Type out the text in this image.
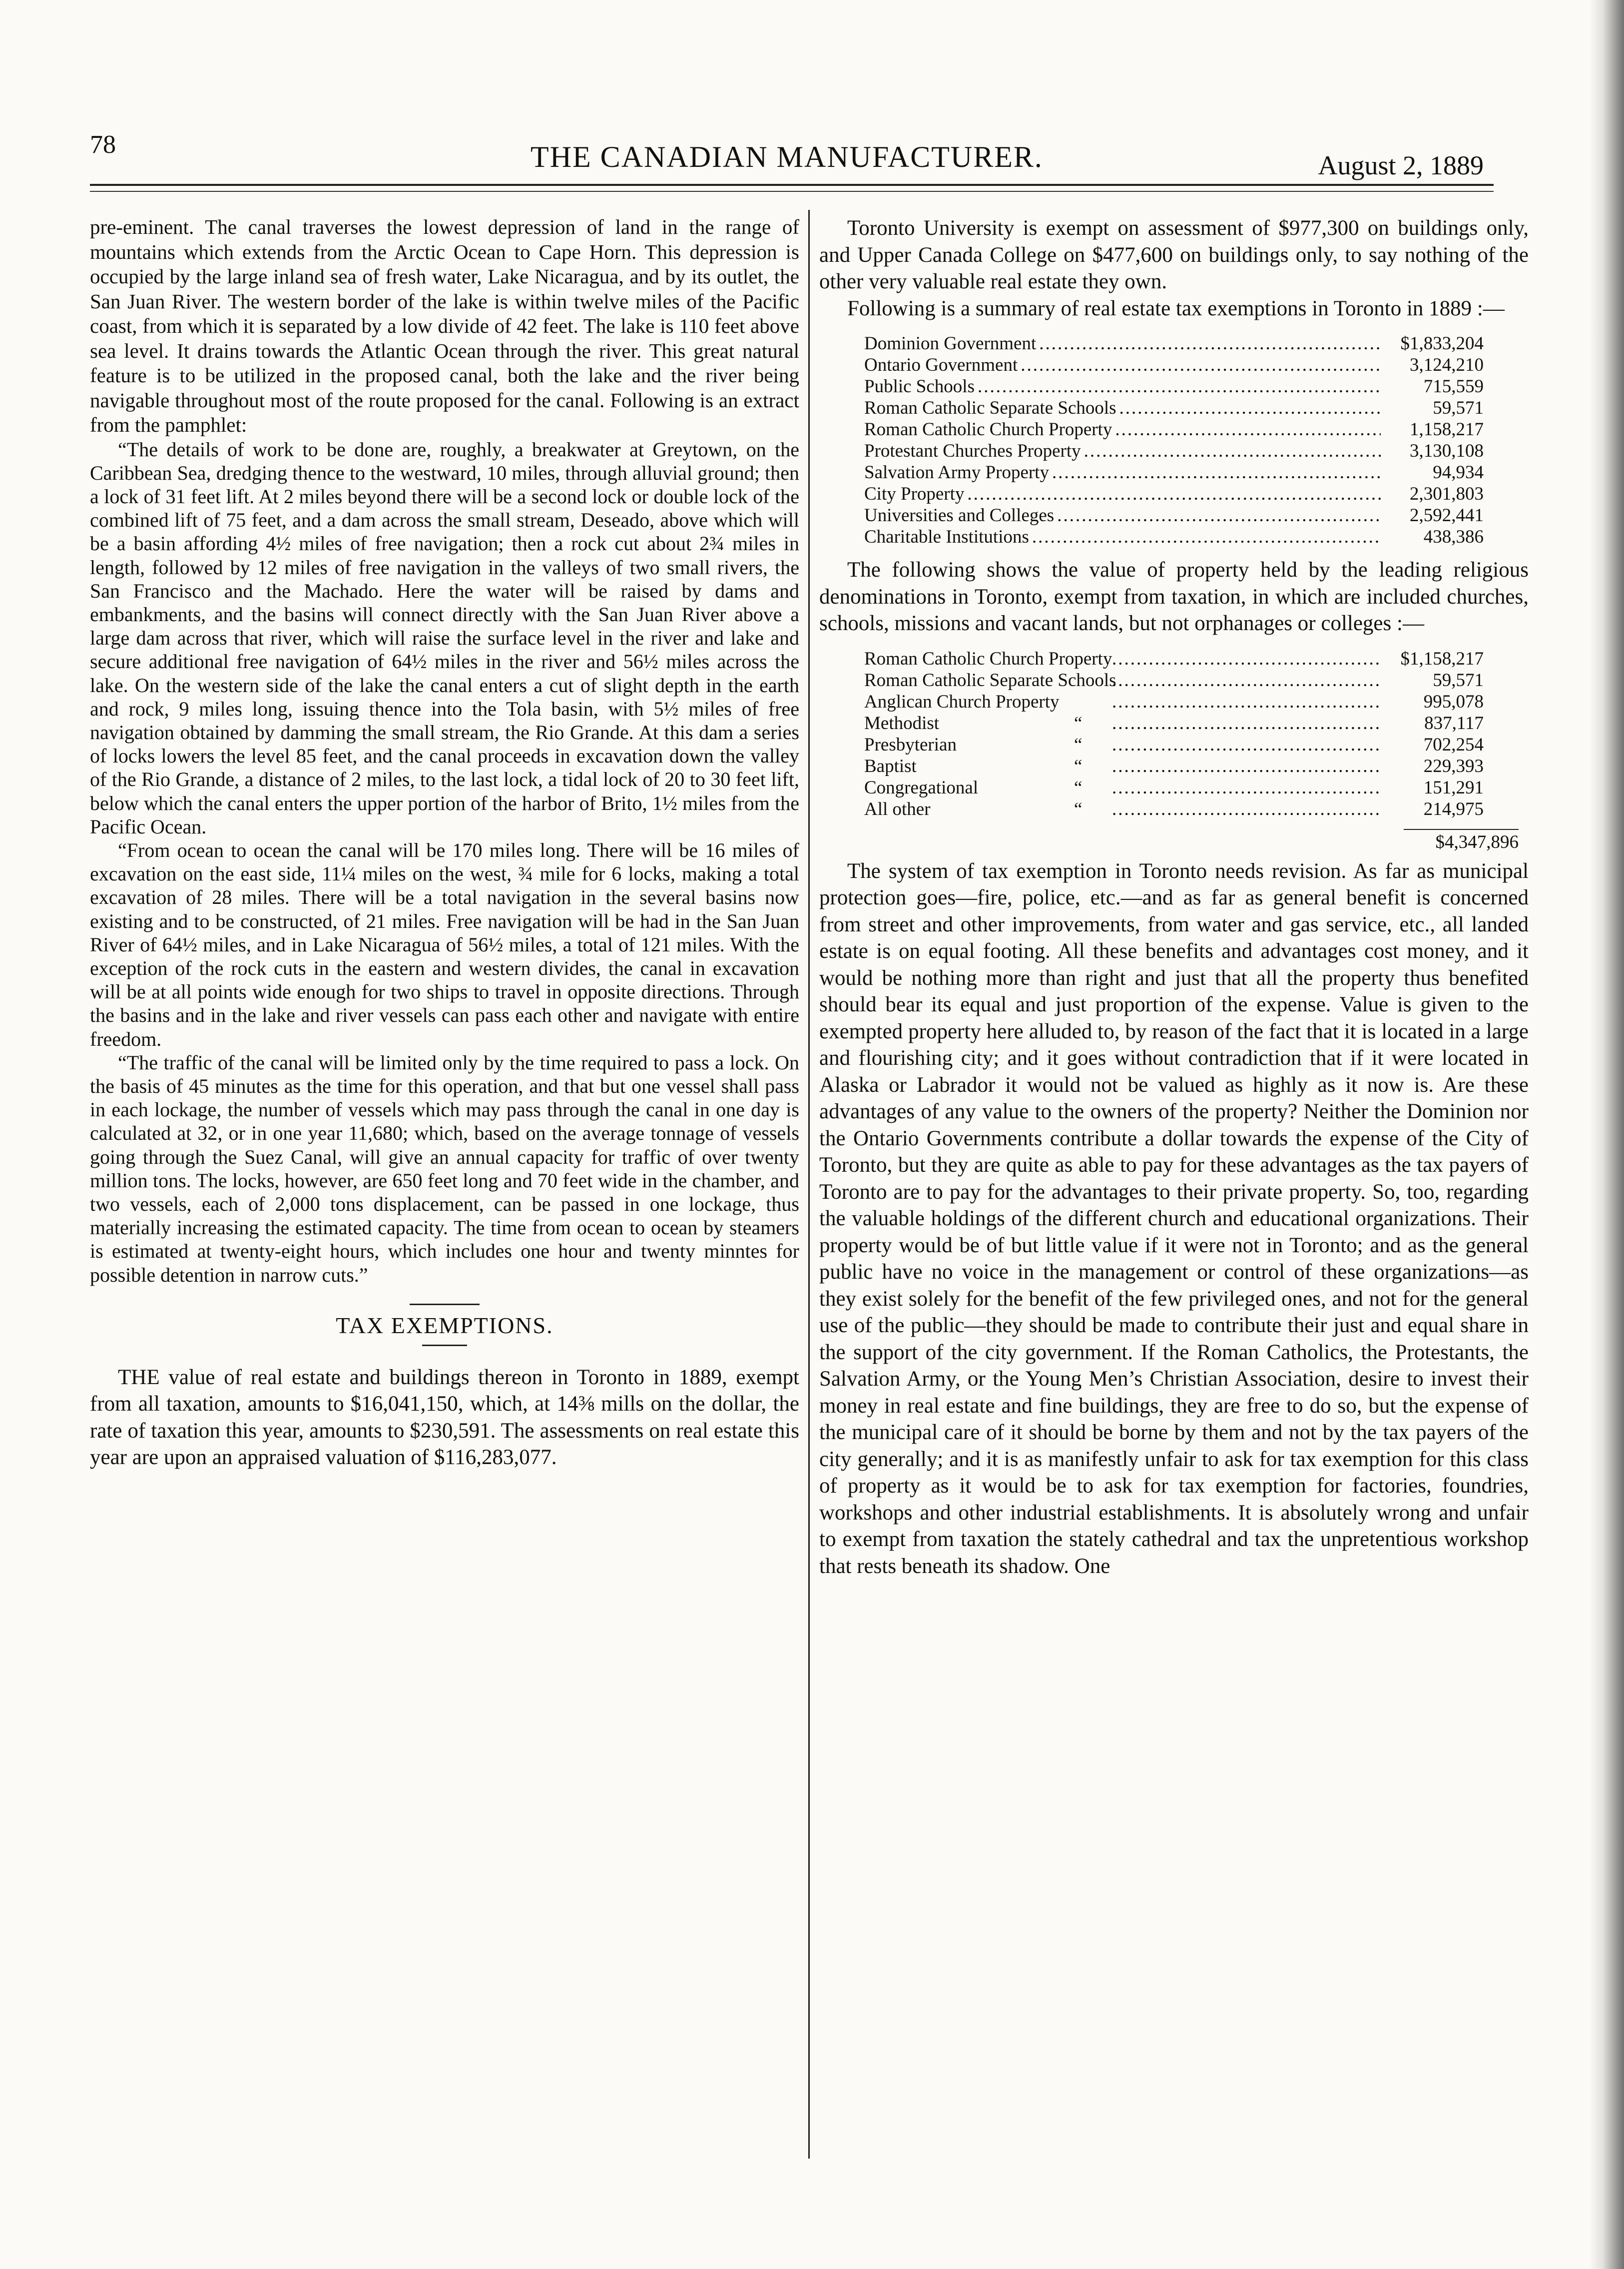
78	THE CANADIAN MANUFACTURER.	August 2, 1889

pre-eminent. The canal traverses the lowest depression of land in the range of mountains which extends from the Arctic Ocean to Cape Horn. This depression is occupied by the large inland sea of fresh water, Lake Nicaragua, and by its outlet, the San Juan River. The western border of the lake is within twelve miles of the Pacific coast, from which it is separated by a low divide of 42 feet. The lake is 110 feet above sea level. It drains towards the Atlantic Ocean through the river. This great natural feature is to be utilized in the proposed canal, both the lake and the river being navigable throughout most of the route proposed for the canal. Following is an extract from the pamphlet:

“The details of work to be done are, roughly, a breakwater at Greytown, on the Caribbean Sea, dredging thence to the westward, 10 miles, through alluvial ground; then a lock of 31 feet lift. At 2 miles beyond there will be a second lock or double lock of the combined lift of 75 feet, and a dam across the small stream, Deseado, above which will be a basin affording 4½ miles of free navigation; then a rock cut about 2¾ miles in length, followed by 12 miles of free navigation in the valleys of two small rivers, the San Francisco and the Machado. Here the water will be raised by dams and embankments, and the basins will connect directly with the San Juan River above a large dam across that river, which will raise the surface level in the river and lake and secure additional free navigation of 64½ miles in the river and 56½ miles across the lake. On the western side of the lake the canal enters a cut of slight depth in the earth and rock, 9 miles long, issuing thence into the Tola basin, with 5½ miles of free navigation obtained by damming the small stream, the Rio Grande. At this dam a series of locks lowers the level 85 feet, and the canal proceeds in excavation down the valley of the Rio Grande, a distance of 2 miles, to the last lock, a tidal lock of 20 to 30 feet lift, below which the canal enters the upper portion of the harbor of Brito, 1½ miles from the Pacific Ocean.

“From ocean to ocean the canal will be 170 miles long. There will be 16 miles of excavation on the east side, 11¼ miles on the west, ¾ mile for 6 locks, making a total excavation of 28 miles. There will be a total navigation in the several basins now existing and to be constructed, of 21 miles. Free navigation will be had in the San Juan River of 64½ miles, and in Lake Nicaragua of 56½ miles, a total of 121 miles. With the exception of the rock cuts in the eastern and western divides, the canal in excavation will be at all points wide enough for two ships to travel in opposite directions. Through the basins and in the lake and river vessels can pass each other and navigate with entire freedom.

“The traffic of the canal will be limited only by the time required to pass a lock. On the basis of 45 minutes as the time for this operation, and that but one vessel shall pass in each lockage, the number of vessels which may pass through the canal in one day is calculated at 32, or in one year 11,680; which, based on the average tonnage of vessels going through the Suez Canal, will give an annual capacity for traffic of over twenty million tons. The locks, however, are 650 feet long and 70 feet wide in the chamber, and two vessels, each of 2,000 tons displacement, can be passed in one lockage, thus materially increasing the estimated capacity. The time from ocean to ocean by steamers is estimated at twenty-eight hours, which includes one hour and twenty minntes for possible detention in narrow cuts.”

TAX EXEMPTIONS.

THE value of real estate and buildings thereon in Toronto in 1889, exempt from all taxation, amounts to $16,041,150, which, at 14⅜ mills on the dollar, the rate of taxation this year, amounts to $230,591. The assessments on real estate this year are upon an appraised valuation of $116,283,077.

Toronto University is exempt on assessment of $977,300 on buildings only, and Upper Canada College on $477,600 on buildings only, to say nothing of the other very valuable real estate they own.

Following is a summary of real estate tax exemptions in Toronto in 1889 :—

Dominion Government .....	$1,833,204
Ontario Government .....	3,124,210
Public Schools .....	715,559
Roman Catholic Separate Schools .....	59,571
Roman Catholic Church Property .....	1,158,217
Protestant Churches Property .....	3,130,108
Salvation Army Property .....	94,934
City Property .....	2,301,803
Universities and Colleges .....	2,592,441
Charitable Institutions .....	438,386

The following shows the value of property held by the leading religious denominations in Toronto, exempt from taxation, in which are included churches, schools, missions and vacant lands, but not orphanages or colleges :—

Roman Catholic Church Property .....	$1,158,217
Roman Catholic Separate Schools .....	59,571
Anglican Church Property .....	995,078
Methodist	“ .....	837,117
Presbyterian	“ .....	702,254
Baptist	“ .....	229,393
Congregational	“ .....	151,291
All other	“ .....	214,975
$4,347,896

The system of tax exemption in Toronto needs revision. As far as municipal protection goes—fire, police, etc.—and as far as general benefit is concerned from street and other improvements, from water and gas service, etc., all landed estate is on equal footing. All these benefits and advantages cost money, and it would be nothing more than right and just that all the property thus benefited should bear its equal and just proportion of the expense. Value is given to the exempted property here alluded to, by reason of the fact that it is located in a large and flourishing city; and it goes without contradiction that if it were located in Alaska or Labrador it would not be valued as highly as it now is. Are these advantages of any value to the owners of the property? Neither the Dominion nor the Ontario Governments contribute a dollar towards the expense of the City of Toronto, but they are quite as able to pay for these advantages as the tax payers of Toronto are to pay for the advantages to their private property. So, too, regarding the valuable holdings of the different church and educational organizations. Their property would be of but little value if it were not in Toronto; and as the general public have no voice in the management or control of these organizations—as they exist solely for the benefit of the few privileged ones, and not for the general use of the public—they should be made to contribute their just and equal share in the support of the city government. If the Roman Catholics, the Protestants, the Salvation Army, or the Young Men’s Christian Association, desire to invest their money in real estate and fine buildings, they are free to do so, but the expense of the municipal care of it should be borne by them and not by the tax payers of the city generally; and it is as manifestly unfair to ask for tax exemption for this class of property as it would be to ask for tax exemption for factories, foundries, workshops and other industrial establishments. It is absolutely wrong and unfair to exempt from taxation the stately cathedral and tax the unpretentious workshop that rests beneath its shadow. One
